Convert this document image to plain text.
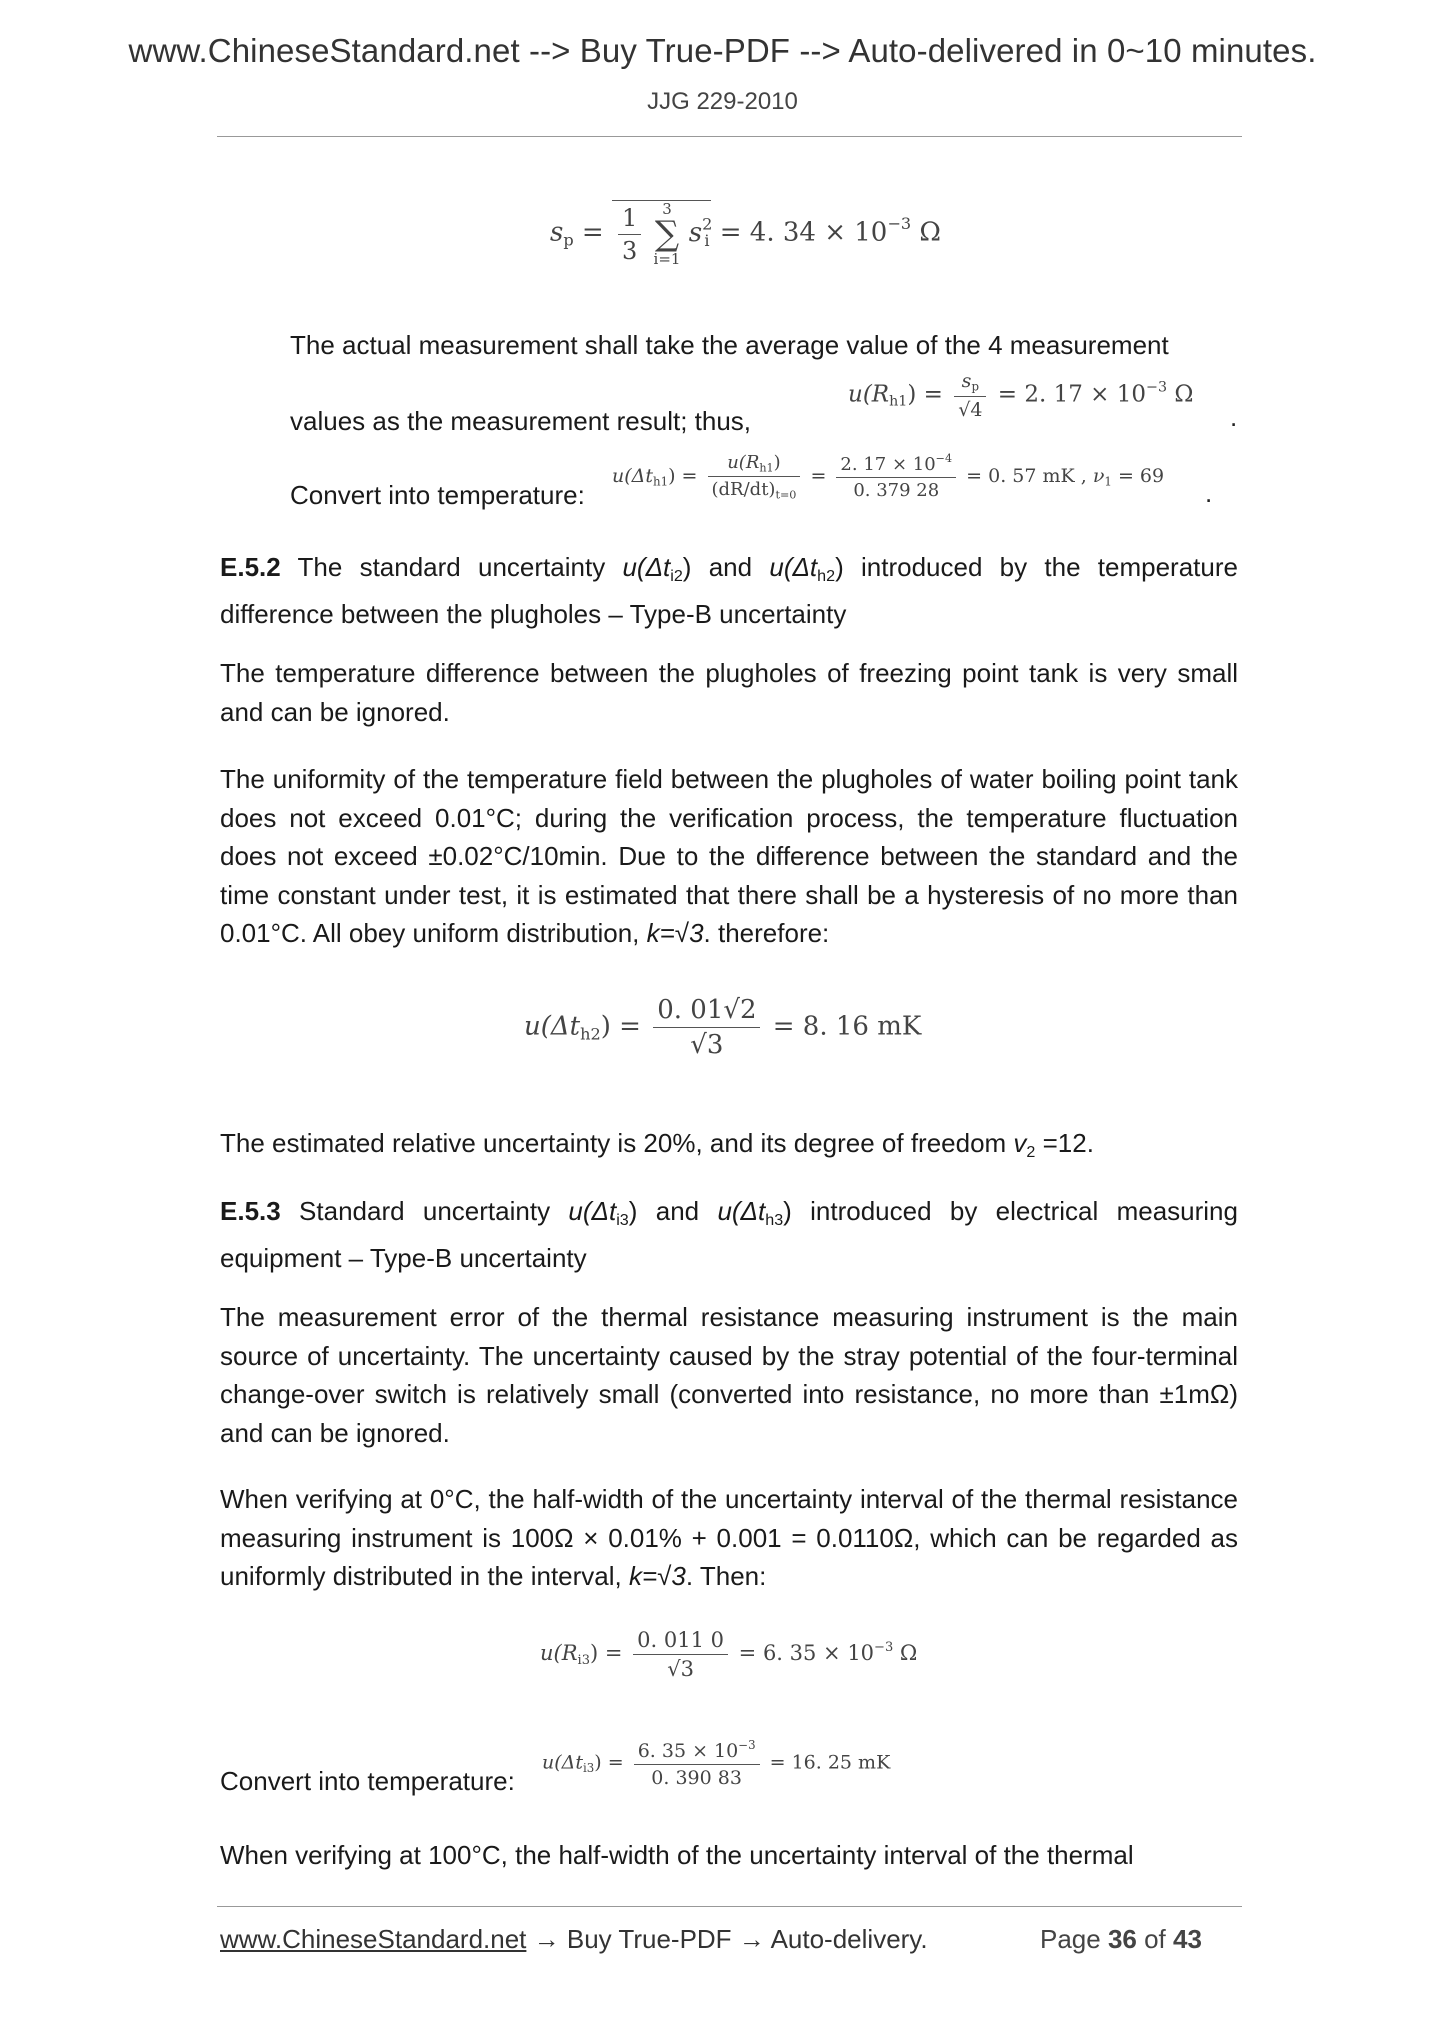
www.ChineseStandard.net --> Buy True-PDF --> Auto-delivered in 0~10 minutes.
JJG 229-2010
$s_p = \frac{1}{3}$
	3
∑
i=1
$s^2_i = 4$. $34 \times 10^{-3}$ Ω
The actual measurement shall take the average value of the 4 measurement
values as the measurement result; thus,
$u(R_{h1}) = \frac{s_p}{√4} = 2$. $17 \times 10^{-3}$ Ω
.
Convert into temperature:
$u(\Delta t_{h1}) = \frac{u(R_{h1})}{(dR/dt)_{t=0}} = \frac{2. 17 \times 10^{-4}}{0. 379 28} = 0$. 57 mK , $\nu_1 = 69$
.
E.5.2 The standard uncertainty $u(\Delta t_{i2})$ and $u(\Delta t_{h2})$ introduced by the temperature difference between the plugholes – Type-B uncertainty
The temperature difference between the plugholes of freezing point tank is very small and can be ignored.
The uniformity of the temperature field between the plugholes of water boiling point tank does not exceed 0.01°C; during the verification process, the temperature fluctuation does not exceed ±0.02°C/10min. Due to the difference between the standard and the time constant under test, it is estimated that there shall be a hysteresis of no more than 0.01°C. All obey uniform distribution, k=√3. therefore:
$u(\Delta t_{h2}) = \frac{0. 01√2}{√3} = 8$. 16 mK
The estimated relative uncertainty is 20%, and its degree of freedom $v_2 =12$.
E.5.3 Standard uncertainty $u(\Delta t_{i3})$ and $u(\Delta t_{h3})$ introduced by electrical measuring equipment – Type-B uncertainty
The measurement error of the thermal resistance measuring instrument is the main source of uncertainty. The uncertainty caused by the stray potential of the four-terminal change-over switch is relatively small (converted into resistance, no more than ±1mΩ) and can be ignored.
When verifying at 0°C, the half-width of the uncertainty interval of the thermal resistance measuring instrument is 100Ω × 0.01% + 0.001 = 0.0110Ω, which can be regarded as uniformly distributed in the interval, k=√3. Then:
$u(R_{i3}) = \frac{0. 011 0}{√3} = 6$. $35 \times 10^{-3}$ Ω
Convert into temperature:
$u(\Delta t_{i3}) = \frac{6. 35 \times 10^{-3}}{0. 390 83} = 16$. 25 mK
When verifying at 100°C, the half-width of the uncertainty interval of the thermal
www.ChineseStandard.net → Buy True-PDF → Auto-delivery.	Page 36 of 43
